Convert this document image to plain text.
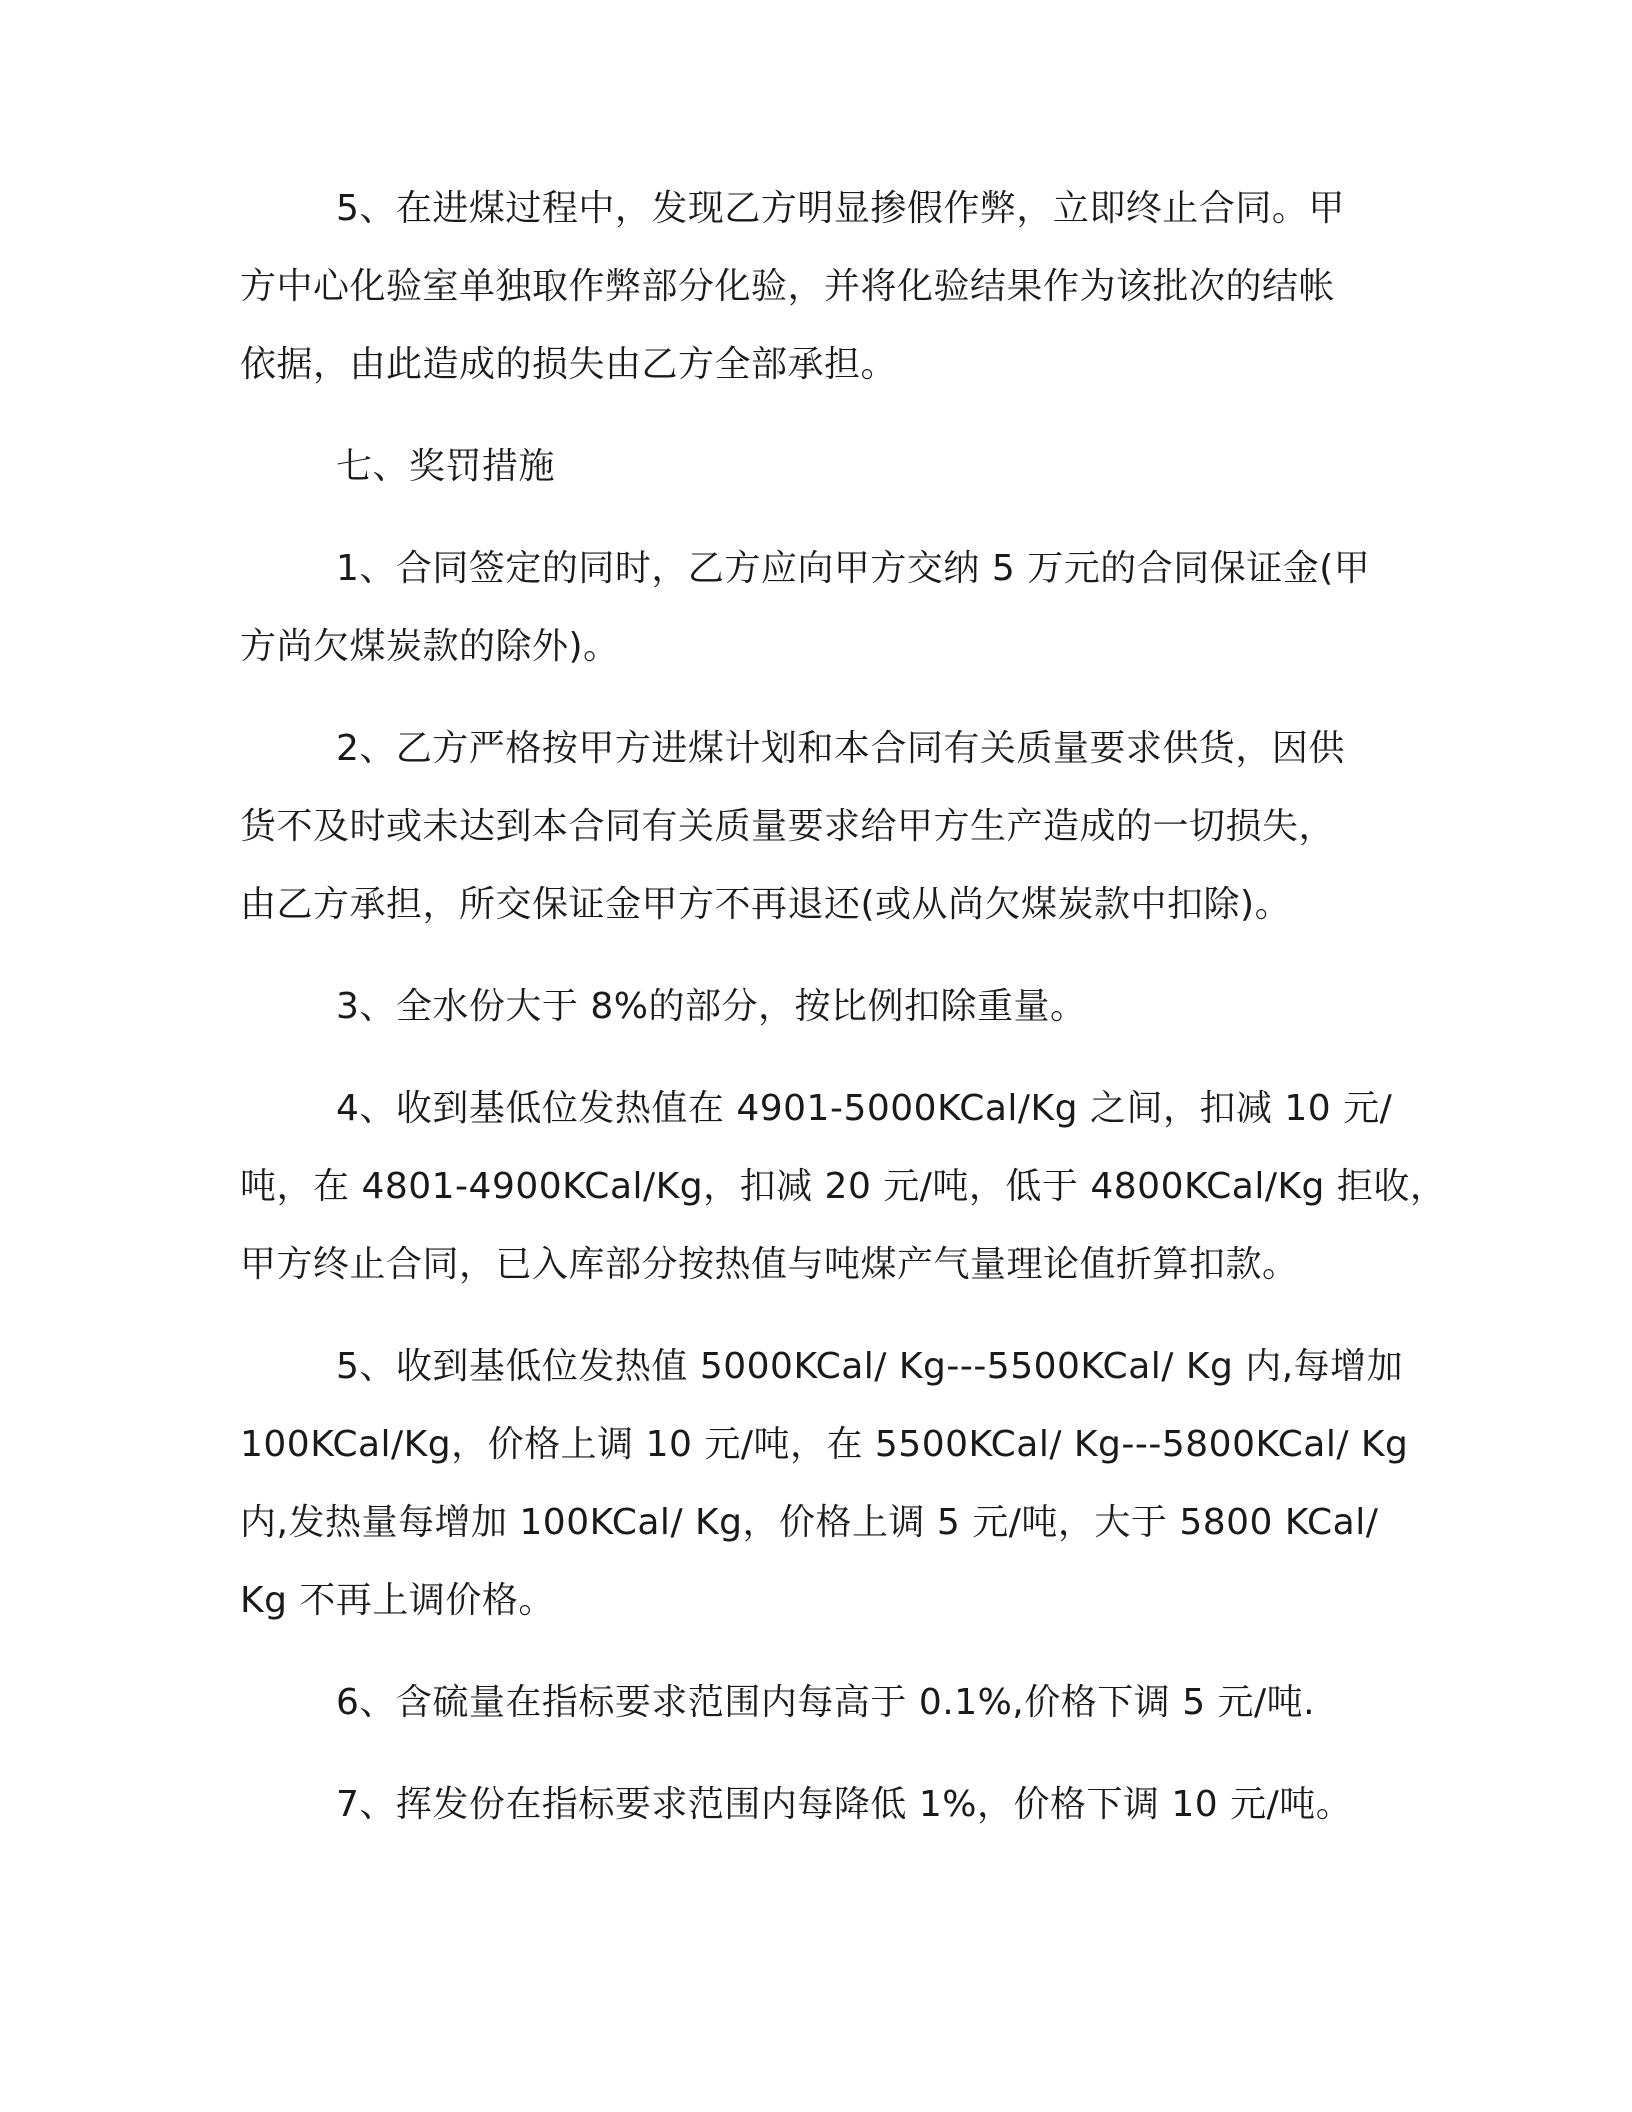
5、在进煤过程中，发现乙方明显掺假作弊，立即终止合同。甲
方中心化验室单独取作弊部分化验，并将化验结果作为该批次的结帐
依据，由此造成的损失由乙方全部承担。
七、奖罚措施
1、合同签定的同时，乙方应向甲方交纳 5 万元的合同保证金(甲
方尚欠煤炭款的除外)。
2、乙方严格按甲方进煤计划和本合同有关质量要求供货，因供
货不及时或未达到本合同有关质量要求给甲方生产造成的一切损失，
由乙方承担，所交保证金甲方不再退还(或从尚欠煤炭款中扣除)。
3、全水份大于 8%的部分，按比例扣除重量。
4、收到基低位发热值在 4901-5000KCal/Kg 之间，扣减 10 元/
吨，在 4801-4900KCal/Kg，扣减 20 元/吨，低于 4800KCal/Kg 拒收，
甲方终止合同，已入库部分按热值与吨煤产气量理论值折算扣款。
5、收到基低位发热值 5000KCal/ Kg---5500KCal/ Kg 内,每增加
100KCal/Kg，价格上调 10 元/吨，在 5500KCal/ Kg---5800KCal/ Kg
内,发热量每增加 100KCal/ Kg，价格上调 5 元/吨，大于 5800 KCal/
Kg 不再上调价格。
6、含硫量在指标要求范围内每高于 0.1%,价格下调 5 元/吨.
7、挥发份在指标要求范围内每降低 1%，价格下调 10 元/吨。
